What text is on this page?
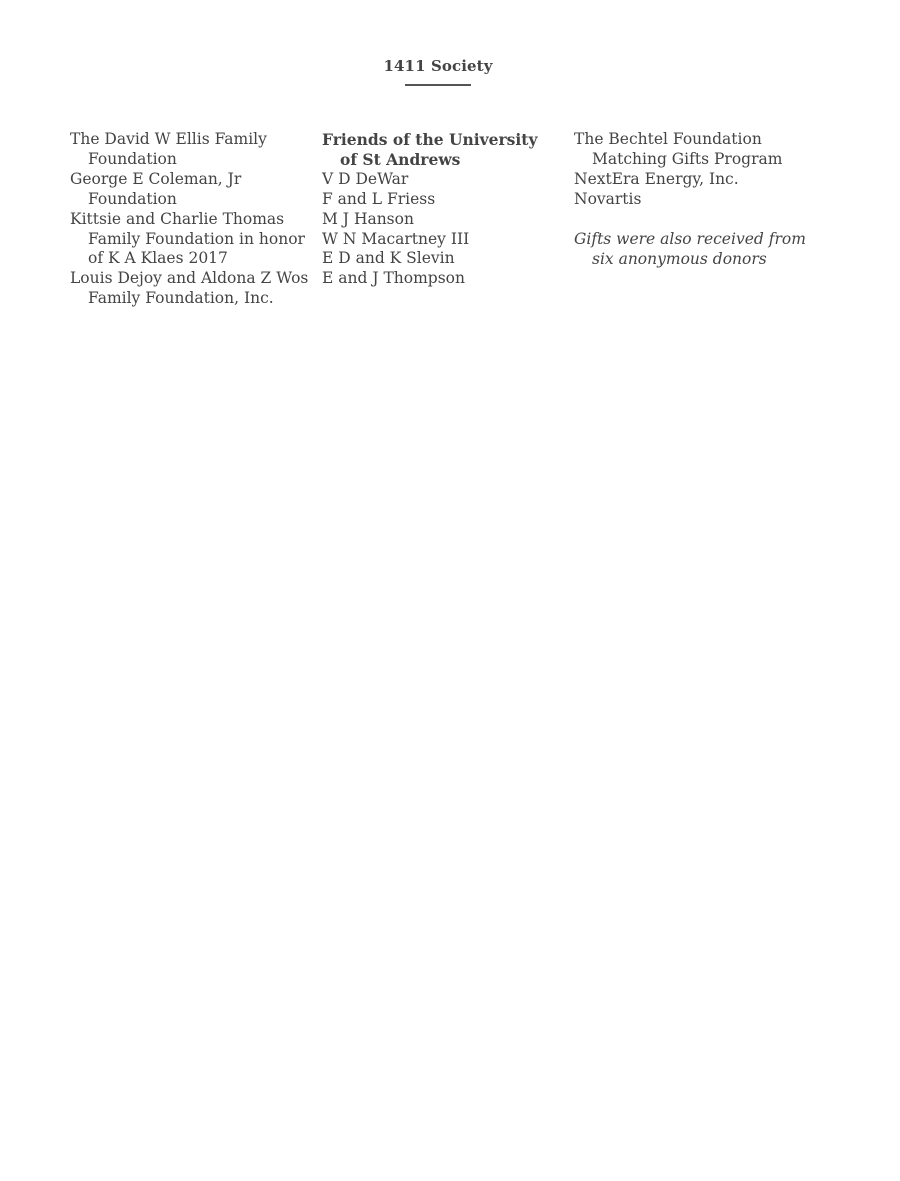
1411 Society

The David W Ellis Family Foundation

George E Coleman, Jr Foundation

Kittsie and Charlie Thomas Family Foundation in honor of K A Klaes 2017

Louis Dejoy and Aldona Z Wos Family Foundation, Inc.

Friends of the University of St Andrews

V D DeWar

F and L Friess

M J Hanson

W N Macartney III

E D and K Slevin

E and J Thompson

The Bechtel Foundation Matching Gifts Program

NextEra Energy, Inc.

Novartis

Gifts were also received from six anonymous donors
